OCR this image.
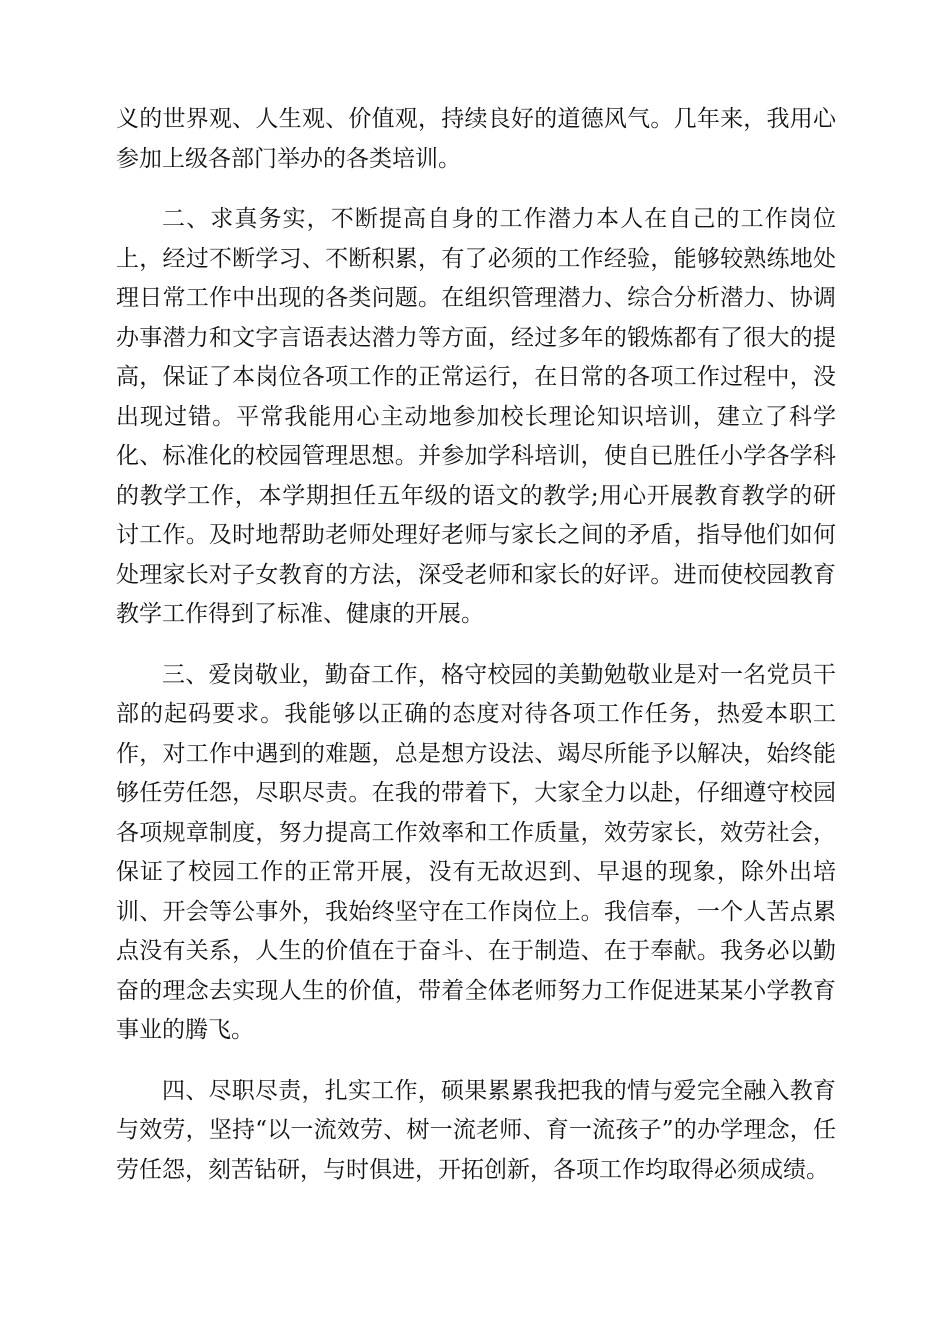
义的世界观、人生观、价值观，持续良好的道德风气。几年来，我用心参加上级各部门举办的各类培训。

二、求真务实，不断提高自身的工作潜力本人在自己的工作岗位上，经过不断学习、不断积累，有了必须的工作经验，能够较熟练地处理日常工作中出现的各类问题。在组织管理潜力、综合分析潜力、协调办事潜力和文字言语表达潜力等方面，经过多年的锻炼都有了很大的提高，保证了本岗位各项工作的正常运行，在日常的各项工作过程中，没出现过错。平常我能用心主动地参加校长理论知识培训，建立了科学化、标准化的校园管理思想。并参加学科培训，使自已胜任小学各学科的教学工作，本学期担任五年级的语文的教学;用心开展教育教学的研讨工作。及时地帮助老师处理好老师与家长之间的矛盾，指导他们如何处理家长对子女教育的方法，深受老师和家长的好评。进而使校园教育教学工作得到了标准、健康的开展。

三、爱岗敬业，勤奋工作，格守校园的美勤勉敬业是对一名党员干部的起码要求。我能够以正确的态度对待各项工作任务，热爱本职工作，对工作中遇到的难题，总是想方设法、竭尽所能予以解决，始终能够任劳任怨，尽职尽责。在我的带着下，大家全力以赴，仔细遵守校园各项规章制度，努力提高工作效率和工作质量，效劳家长，效劳社会，保证了校园工作的正常开展，没有无故迟到、早退的现象，除外出培训、开会等公事外，我始终坚守在工作岗位上。我信奉，一个人苦点累点没有关系，人生的价值在于奋斗、在于制造、在于奉献。我务必以勤奋的理念去实现人生的价值，带着全体老师努力工作促进某某小学教育事业的腾飞。

四、尽职尽责，扎实工作，硕果累累我把我的情与爱完全融入教育与效劳，坚持“以一流效劳、树一流老师、育一流孩子”的办学理念，任劳任怨，刻苦钻研，与时俱进，开拓创新，各项工作均取得必须成绩。
